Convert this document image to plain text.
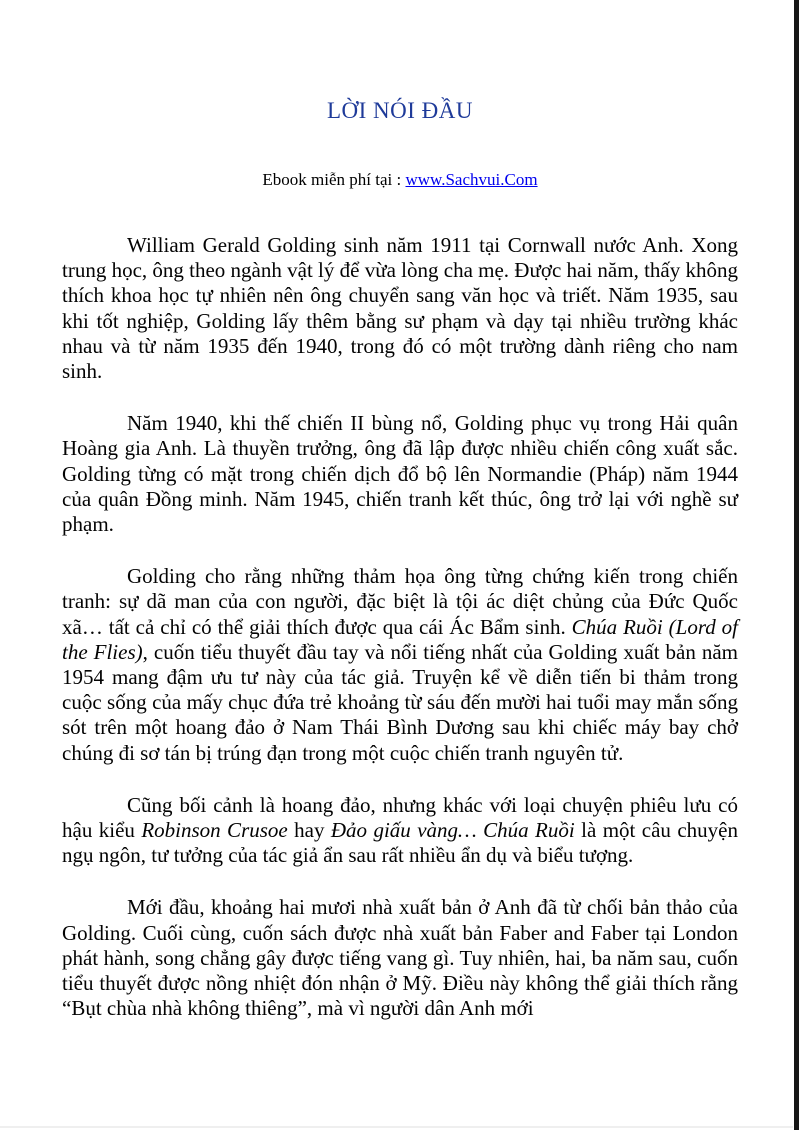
LỜI NÓI ĐẦU
Ebook miễn phí tại : www.Sachvui.Com

William Gerald Golding sinh năm 1911 tại Cornwall nước Anh. Xong trung học, ông theo ngành vật lý để vừa lòng cha mẹ. Được hai năm, thấy không thích khoa học tự nhiên nên ông chuyển sang văn học và triết. Năm 1935, sau khi tốt nghiệp, Golding lấy thêm bằng sư phạm và dạy tại nhiều trường khác nhau và từ năm 1935 đến 1940, trong đó có một trường dành riêng cho nam sinh.

Năm 1940, khi thế chiến II bùng nổ, Golding phục vụ trong Hải quân Hoàng gia Anh. Là thuyền trưởng, ông đã lập được nhiều chiến công xuất sắc. Golding từng có mặt trong chiến dịch đổ bộ lên Normandie (Pháp) năm 1944 của quân Đồng minh. Năm 1945, chiến tranh kết thúc, ông trở lại với nghề sư phạm.

Golding cho rằng những thảm họa ông từng chứng kiến trong chiến tranh: sự dã man của con người, đặc biệt là tội ác diệt chủng của Đức Quốc xã… tất cả chỉ có thể giải thích được qua cái Ác Bẩm sinh. Chúa Ruồi (Lord of the Flies), cuốn tiểu thuyết đầu tay và nổi tiếng nhất của Golding xuất bản năm 1954 mang đậm ưu tư này của tác giả. Truyện kể về diễn tiến bi thảm trong cuộc sống của mấy chục đứa trẻ khoảng từ sáu đến mười hai tuổi may mắn sống sót trên một hoang đảo ở Nam Thái Bình Dương sau khi chiếc máy bay chở chúng đi sơ tán bị trúng đạn trong một cuộc chiến tranh nguyên tử.

Cũng bối cảnh là hoang đảo, nhưng khác với loại chuyện phiêu lưu có hậu kiểu Robinson Crusoe hay Đảo giấu vàng… Chúa Ruồi là một câu chuyện ngụ ngôn, tư tưởng của tác giả ẩn sau rất nhiều ẩn dụ và biểu tượng.

Mới đầu, khoảng hai mươi nhà xuất bản ở Anh đã từ chối bản thảo của Golding. Cuối cùng, cuốn sách được nhà xuất bản Faber and Faber tại London phát hành, song chẳng gây được tiếng vang gì. Tuy nhiên, hai, ba năm sau, cuốn tiểu thuyết được nồng nhiệt đón nhận ở Mỹ. Điều này không thể giải thích rằng “Bụt chùa nhà không thiêng”, mà vì người dân Anh mới
